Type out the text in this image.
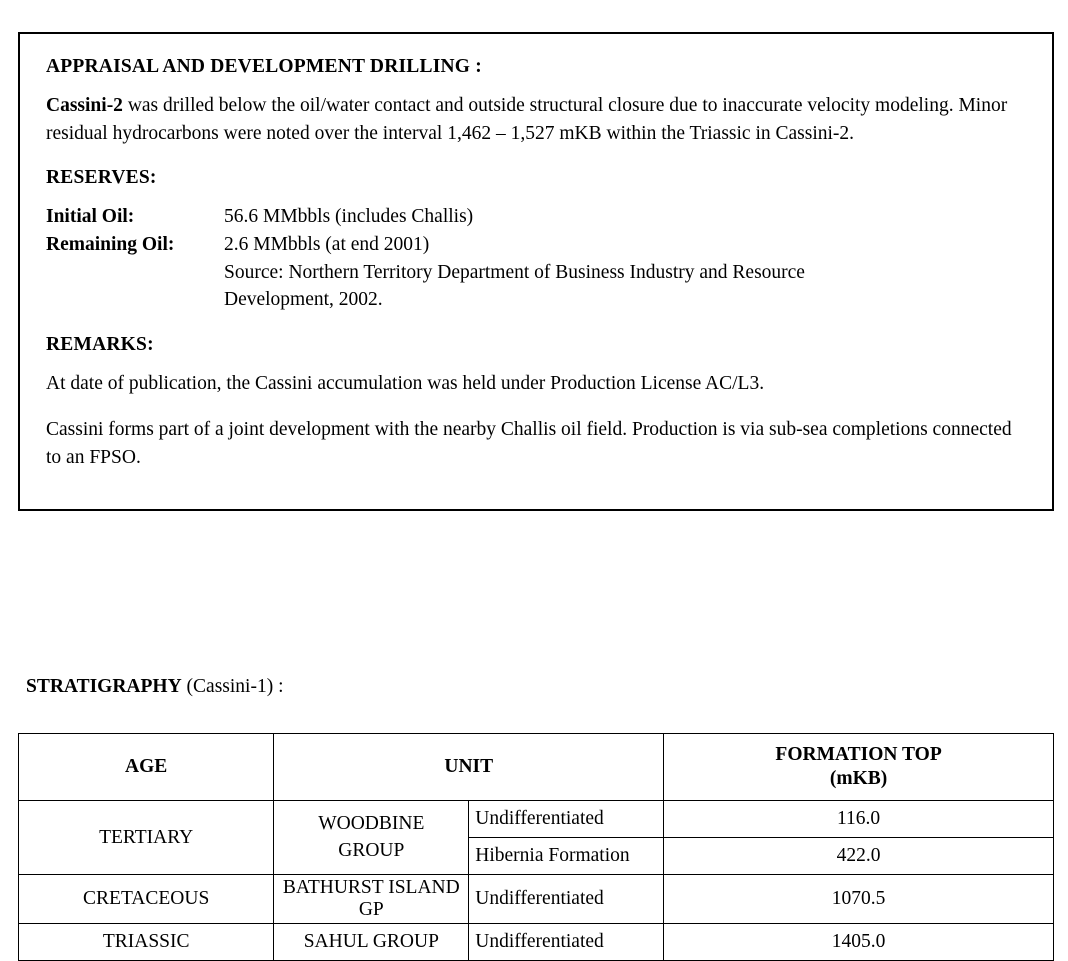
APPRAISAL AND DEVELOPMENT DRILLING :

Cassini-2 was drilled below the oil/water contact and outside structural closure due to inaccurate velocity modeling. Minor residual hydrocarbons were noted over the interval 1,462 – 1,527 mKB within the Triassic in Cassini-2.

RESERVES:
Initial Oil:	56.6 MMbbls (includes Challis)
Remaining Oil:	2.6 MMbbls (at end 2001)
Source: Northern Territory Department of Business Industry and Resource
Development, 2002.
REMARKS:

At date of publication, the Cassini accumulation was held under Production License AC/L3.

Cassini forms part of a joint development with the nearby Challis oil field. Production is via sub-sea completions connected to an FPSO.

STRATIGRAPHY (Cassini-1) :
AGE	UNIT		FORMATION TOP
(mKB)

TERTIARY	WOODBINE
GROUP	Undifferentiated	116.0
		Hibernia Formation	422.0
CRETACEOUS	BATHURST ISLAND GP	Undifferentiated	1070.5
TRIASSIC	SAHUL GROUP	Undifferentiated	1405.0
